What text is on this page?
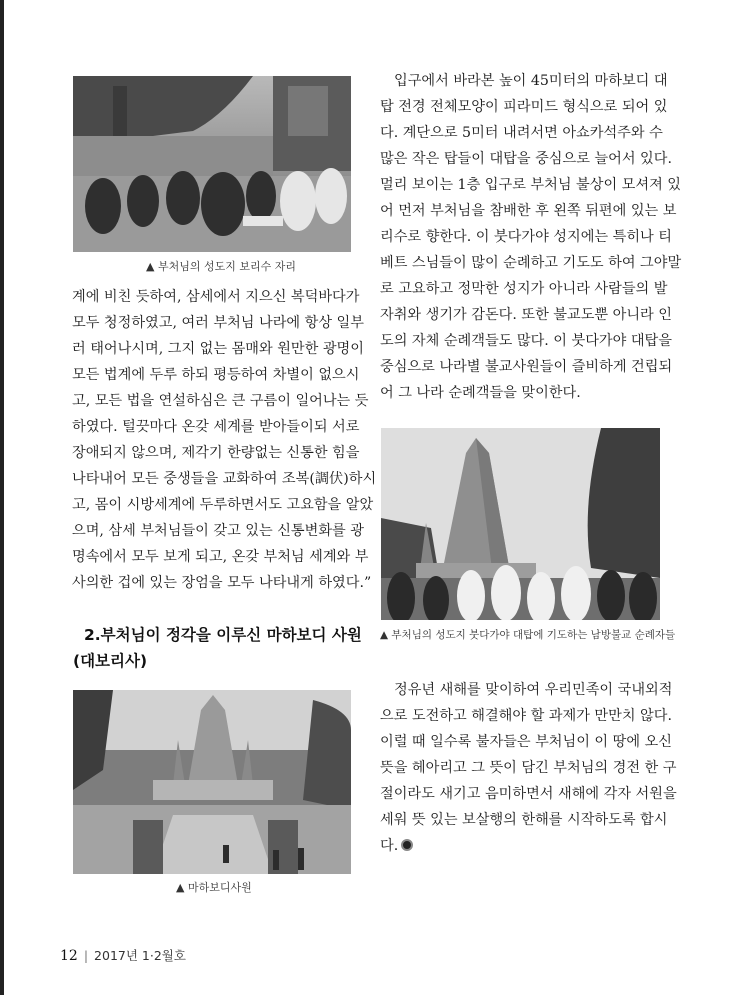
▲ 부처님의 성도지 보리수 자리
계에 비친 듯하여, 삼세에서 지으신 복덕바다가
모두 청정하였고, 여러 부처님 나라에 항상 일부
러 태어나시며, 그지 없는 몸매와 원만한 광명이
모든 법계에 두루 하되 평등하여 차별이 없으시
고, 모든 법을 연설하심은 큰 구름이 일어나는 듯
하였다. 털끗마다 온갖 세계를 받아들이되 서로
장애되지 않으며, 제각기 한량없는 신통한 힘을
나타내어 모든 중생들을 교화하여 조복(調伏)하시
고, 몸이 시방세계에 두루하면서도 고요함을 알았
으며, 삼세 부처님들이 갖고 있는 신통변화를 광
명속에서 모두 보게 되고, 온갖 부처님 세계와 부
사의한 겁에 있는 장엄을 모두 나타내게 하였다.”
2.부처님이 정각을 이루신 마하보디 사원
(대보리사)
▲ 마하보디사원
입구에서 바라본 높이 45미터의 마하보디 대
탑 전경 전체모양이 피라미드 형식으로 되어 있
다. 계단으로 5미터 내려서면 아쇼카석주와 수
많은 작은 탑들이 대탑을 중심으로 늘어서 있다.
멀리 보이는 1층 입구로 부처님 불상이 모셔져 있
어 먼저 부처님을 참배한 후 왼쪽 뒤편에 있는 보
리수로 향한다. 이 붓다가야 성지에는 특히나 티
베트 스님들이 많이 순례하고 기도도 하여 그야말
로 고요하고 정막한 성지가 아니라 사람들의 발
자취와 생기가 감돈다. 또한 불교도뿐 아니라 인
도의 자체 순례객들도 많다. 이 붓다가야 대탑을
중심으로 나라별 불교사원들이 즐비하게 건립되
어 그 나라 순례객들을 맞이한다.
▲ 부처님의 성도지 붓다가야 대탑에 기도하는 남방불교 순례자들
정유년 새해를 맞이하여 우리민족이 국내외적
으로 도전하고 해결해야 할 과제가 만만치 않다.
이럴 때 일수록 불자들은 부처님이 이 땅에 오신
뜻을 헤아리고 그 뜻이 담긴 부처님의 경전 한 구
절이라도 새기고 음미하면서 새해에 각자 서원을
세워 뜻 있는 보살행의 한해를 시작하도록 합시
다.
12 | 2017년 1·2월호
